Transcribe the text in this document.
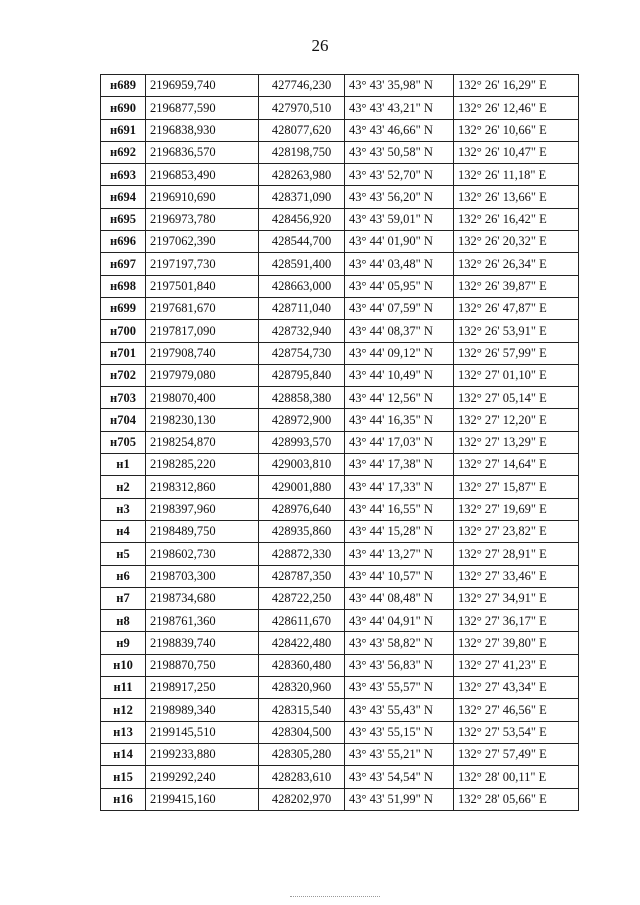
26
н689	2196959,740	427746,230	43° 43' 35,98" N	132° 26' 16,29" E
н690	2196877,590	427970,510	43° 43' 43,21" N	132° 26' 12,46" E
н691	2196838,930	428077,620	43° 43' 46,66" N	132° 26' 10,66" E
н692	2196836,570	428198,750	43° 43' 50,58" N	132° 26' 10,47" E
н693	2196853,490	428263,980	43° 43' 52,70" N	132° 26' 11,18" E
н694	2196910,690	428371,090	43° 43' 56,20" N	132° 26' 13,66" E
н695	2196973,780	428456,920	43° 43' 59,01" N	132° 26' 16,42" E
н696	2197062,390	428544,700	43° 44' 01,90" N	132° 26' 20,32" E
н697	2197197,730	428591,400	43° 44' 03,48" N	132° 26' 26,34" E
н698	2197501,840	428663,000	43° 44' 05,95" N	132° 26' 39,87" E
н699	2197681,670	428711,040	43° 44' 07,59" N	132° 26' 47,87" E
н700	2197817,090	428732,940	43° 44' 08,37" N	132° 26' 53,91" E
н701	2197908,740	428754,730	43° 44' 09,12" N	132° 26' 57,99" E
н702	2197979,080	428795,840	43° 44' 10,49" N	132° 27' 01,10" E
н703	2198070,400	428858,380	43° 44' 12,56" N	132° 27' 05,14" E
н704	2198230,130	428972,900	43° 44' 16,35" N	132° 27' 12,20" E
н705	2198254,870	428993,570	43° 44' 17,03" N	132° 27' 13,29" E
н1	2198285,220	429003,810	43° 44' 17,38" N	132° 27' 14,64" E
н2	2198312,860	429001,880	43° 44' 17,33" N	132° 27' 15,87" E
н3	2198397,960	428976,640	43° 44' 16,55" N	132° 27' 19,69" E
н4	2198489,750	428935,860	43° 44' 15,28" N	132° 27' 23,82" E
н5	2198602,730	428872,330	43° 44' 13,27" N	132° 27' 28,91" E
н6	2198703,300	428787,350	43° 44' 10,57" N	132° 27' 33,46" E
н7	2198734,680	428722,250	43° 44' 08,48" N	132° 27' 34,91" E
н8	2198761,360	428611,670	43° 44' 04,91" N	132° 27' 36,17" E
н9	2198839,740	428422,480	43° 43' 58,82" N	132° 27' 39,80" E
н10	2198870,750	428360,480	43° 43' 56,83" N	132° 27' 41,23" E
н11	2198917,250	428320,960	43° 43' 55,57" N	132° 27' 43,34" E
н12	2198989,340	428315,540	43° 43' 55,43" N	132° 27' 46,56" E
н13	2199145,510	428304,500	43° 43' 55,15" N	132° 27' 53,54" E
н14	2199233,880	428305,280	43° 43' 55,21" N	132° 27' 57,49" E
н15	2199292,240	428283,610	43° 43' 54,54" N	132° 28' 00,11" E
н16	2199415,160	428202,970	43° 43' 51,99" N	132° 28' 05,66" E
